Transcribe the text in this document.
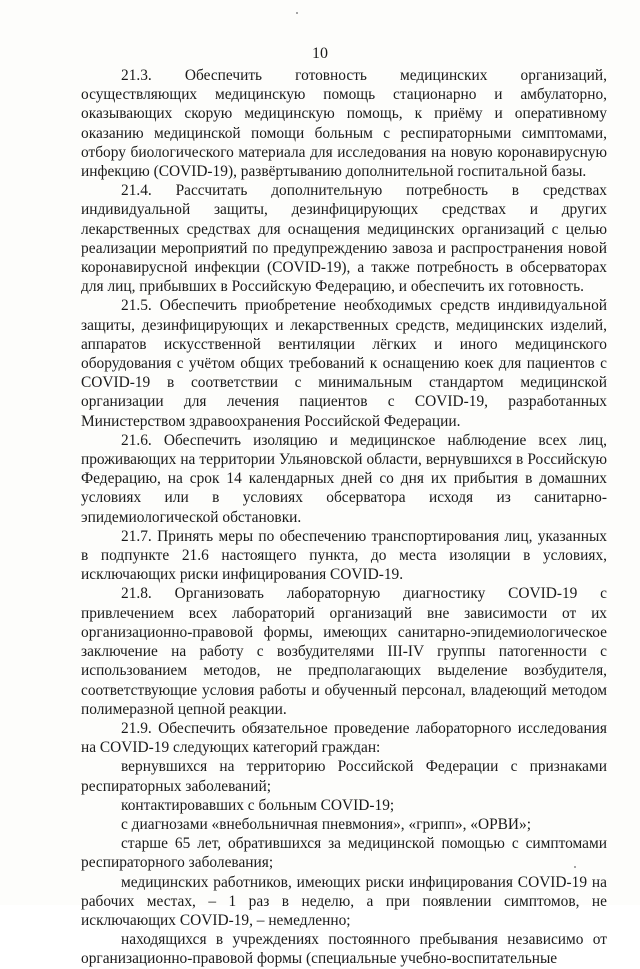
10

21.3. Обеспечить готовность медицинских организаций, осуществляющих медицинскую помощь стационарно и амбулаторно, оказывающих скорую медицинскую помощь, к приёму и оперативному оказанию медицинской помощи больным с респираторными симптомами, отбору биологического материала для исследования на новую коронавирусную инфекцию (COVID-19), развёртыванию дополнительной госпитальной базы.

21.4. Рассчитать дополнительную потребность в средствах индивидуальной защиты, дезинфицирующих средствах и других лекарственных средствах для оснащения медицинских организаций с целью реализации мероприятий по предупреждению завоза и распространения новой коронавирусной инфекции (COVID-19), а также потребность в обсерваторах для лиц, прибывших в Российскую Федерацию, и обеспечить их готовность.

21.5. Обеспечить приобретение необходимых средств индивидуальной защиты, дезинфицирующих и лекарственных средств, медицинских изделий, аппаратов искусственной вентиляции лёгких и иного медицинского оборудования с учётом общих требований к оснащению коек для пациентов с COVID-19 в соответствии с минимальным стандартом медицинской организации для лечения пациентов с COVID-19, разработанных Министерством здравоохранения Российской Федерации.

21.6. Обеспечить изоляцию и медицинское наблюдение всех лиц, проживающих на территории Ульяновской области, вернувшихся в Российскую Федерацию, на срок 14 календарных дней со дня их прибытия в домашних условиях или в условиях обсерватора исходя из санитарно-эпидемиологической обстановки.

21.7. Принять меры по обеспечению транспортирования лиц, указанных в подпункте 21.6 настоящего пункта, до места изоляции в условиях, исключающих риски инфицирования COVID-19.

21.8. Организовать лабораторную диагностику COVID-19 с привлечением всех лабораторий организаций вне зависимости от их организационно-правовой формы, имеющих санитарно-эпидемиологическое заключение на работу с возбудителями III-IV группы патогенности с использованием методов, не предполагающих выделение возбудителя, соответствующие условия работы и обученный персонал, владеющий методом полимеразной цепной реакции.

21.9. Обеспечить обязательное проведение лабораторного исследования на COVID-19 следующих категорий граждан:

вернувшихся на территорию Российской Федерации с признаками респираторных заболеваний;

контактировавших с больным COVID-19;

с диагнозами «внебольничная пневмония», «грипп», «ОРВИ»;

старше 65 лет, обратившихся за медицинской помощью с симптомами респираторного заболевания;

медицинских работников, имеющих риски инфицирования COVID-19 на рабочих местах, – 1 раз в неделю, а при появлении симптомов, не исключающих COVID-19, – немедленно;

находящихся в учреждениях постоянного пребывания независимо от организационно-правовой формы (специальные учебно-воспитательные
